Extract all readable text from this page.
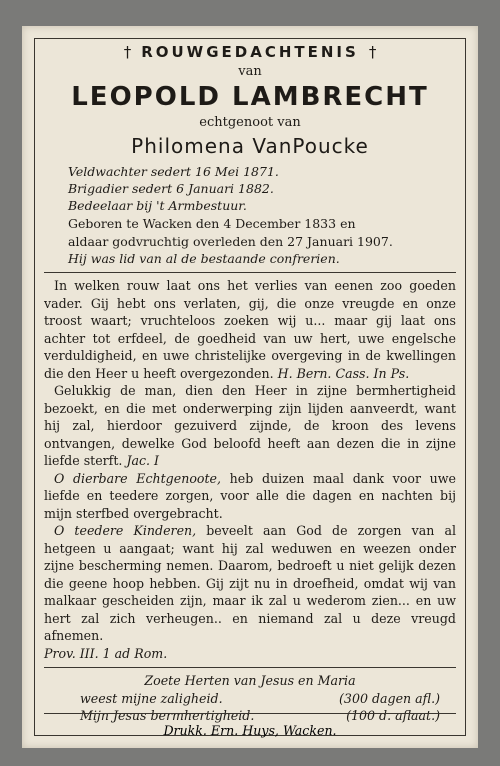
† ROUWGEDACHTENIS †
van
LEOPOLD LAMBRECHT
echtgenoot van
Philomena VanPoucke
Veldwachter sedert 16 Mei 1871.
Brigadier sedert 6 Januari 1882.
Bedeelaar bij 't Armbestuur.
Geboren te Wacken den 4 December 1833 en
aldaar godvruchtig overleden den 27 Januari 1907.
Hij was lid van al de bestaande confrerien.

In welken rouw laat ons het verlies van eenen zoo goeden vader. Gij hebt ons verlaten, gij, die onze vreugde en onze troost waart; vruchteloos zoeken wij u... maar gij laat ons achter tot erfdeel, de goedheid van uw hert, uwe engelsche verduldigheid, en uwe christelijke overgeving in de kwellingen die den Heer u heeft overgezonden. H. Bern. Cass. In Ps.

Gelukkig de man, dien den Heer in zijne bermhertigheid bezoekt, en die met onderwerping zijn lijden aanveerdt, want hij zal, hierdoor gezuiverd zijnde, de kroon des levens ontvangen, dewelke God beloofd heeft aan dezen die in zijne liefde sterft. Jac. I

O dierbare Echtgenoote, heb duizen maal dank voor uwe liefde en teedere zorgen, voor alle die dagen en nachten bij mijn sterfbed overgebracht.

O teedere Kinderen, beveelt aan God de zorgen van al hetgeen u aangaat; want hij zal weduwen en weezen onder zijne bescherming nemen. Daarom, bedroeft u niet gelijk dezen die geene hoop hebben. Gij zijt nu in droefheid, omdat wij van malkaar gescheiden zijn, maar ik zal u wederom zien... en uw hert zal zich verheugen.. en niemand zal u deze vreugd afnemen.

Prov. III. 1 ad Rom.

Zoete Herten van Jesus en Maria
weest mijne zaligheid.	(300 dagen afl.)
Mijn Jesus bermhertigheid.	(100 d. aflaat.)
Drukk. Ern. Huys, Wacken.
